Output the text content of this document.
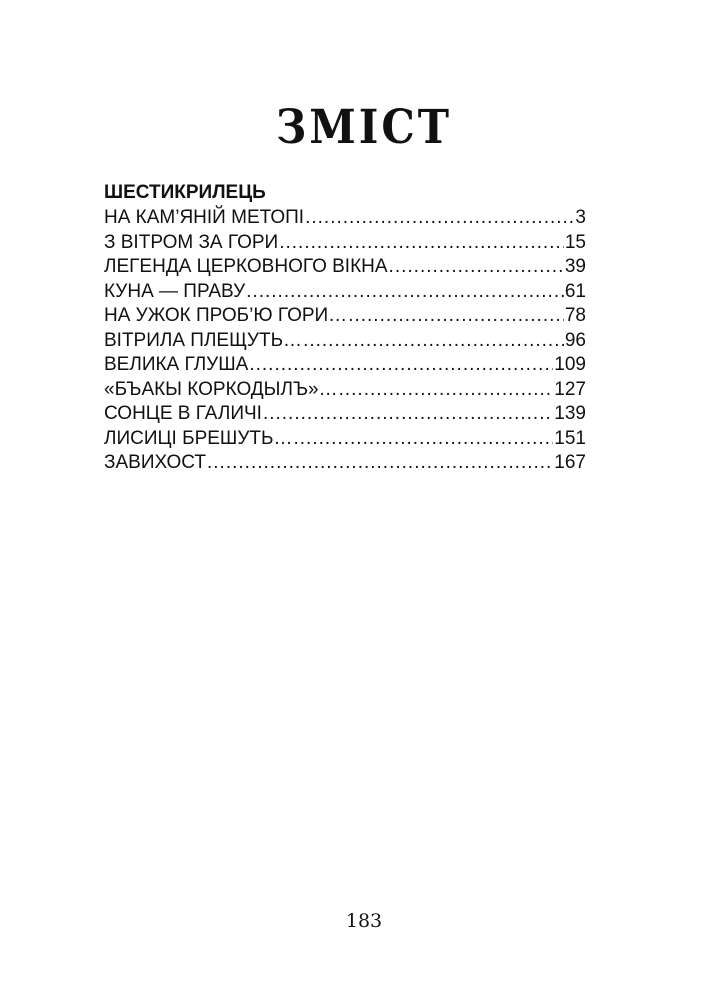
ЗМІСТ
ШЕСТИКРИЛЕЦЬ
НА КАМ’ЯНІЙ МЕТОПІ .....	3
З ВІТРОМ ЗА ГОРИ .....	15
ЛЕГЕНДА ЦЕРКОВНОГО ВІКНА .....	39
КУНА — ПРАВУ .....	61
НА УЖОК ПРОБ’Ю ГОРИ… .....	78
ВІТРИЛА ПЛЕЩУТЬ… .....	96
ВЕЛИКА ГЛУША .....	109
«БЪАКЫ КОРКОДЫЛЪ»… .....	127
СОНЦЕ В ГАЛИЧІ .....	139
ЛИСИЦІ БРЕШУТЬ… .....	151
ЗАВИХОСТ .....	167
183
